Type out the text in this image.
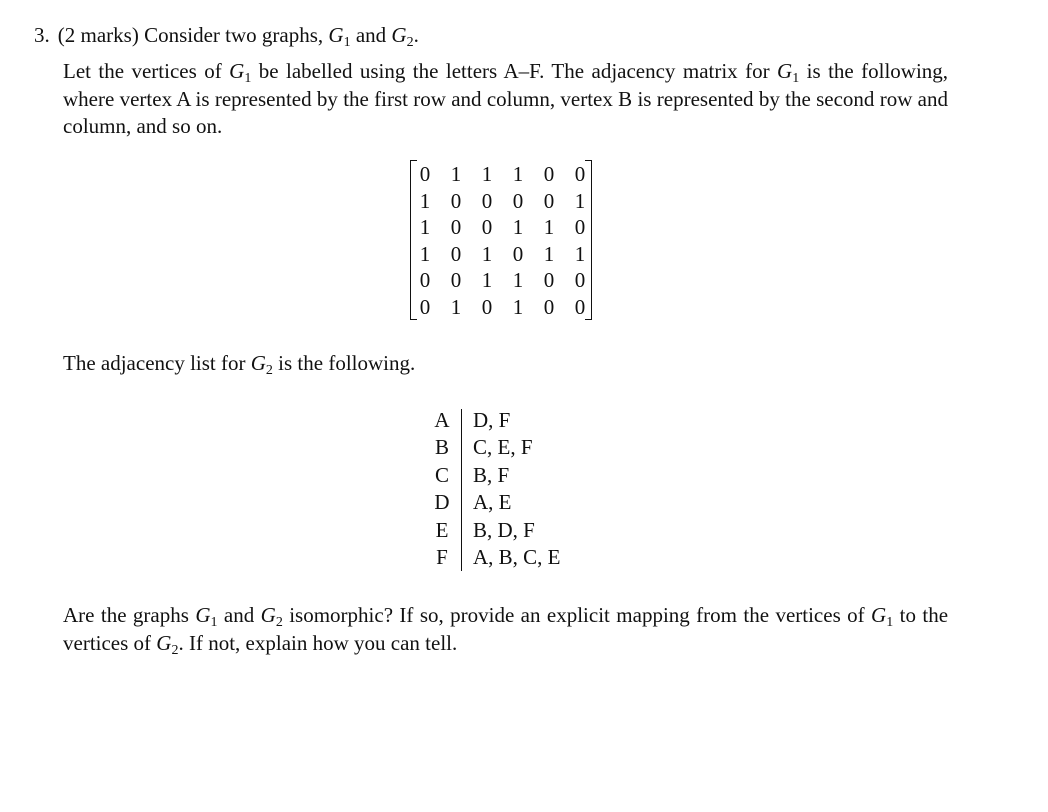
3. (2 marks) Consider two graphs, $G_1$ and $G_2$.

Let the vertices of $G_1$ be labelled using the letters A–F. The adjacency matrix for $G_1$ is the following, where vertex A is represented by the first row and column, vertex B is represented by the second row and column, and so on.

0 1 1 1 0 0
1 0 0 0 0 1
1 0 0 1 1 0
1 0 1 0 1 1
0 0 1 1 0 0
0 1 0 1 0 0
The adjacency list for $G_2$ is the following.
A D, F
B C, E, F
C B, F
D A, E
E B, D, F
F A, B, C, E

Are the graphs $G_1$ and $G_2$ isomorphic? If so, provide an explicit mapping from the vertices of $G_1$ to the vertices of $G_2$. If not, explain how you can tell.
